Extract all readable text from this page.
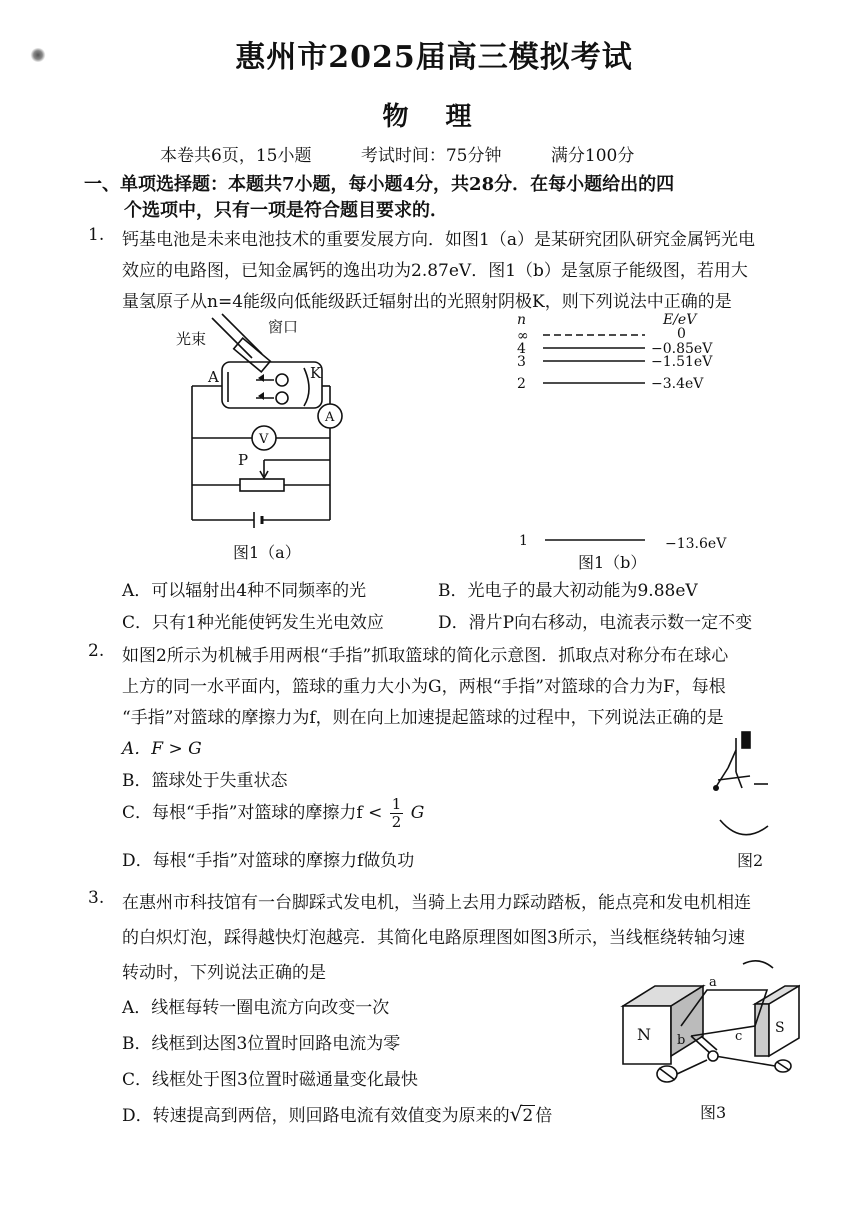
惠州市2025届高三模拟考试
物 理
本卷共6页，15小题	考试时间：75分钟	满分100分
一、单项选择题：本题共7小题，每小题4分，共28分．在每小题给出的四
个选项中，只有一项是符合题目要求的．
1. 钙基电池是未来电池技术的重要发展方向．如图1（a）是某研究团队研究金属钙光电
效应的电路图，已知金属钙的逸出功为2.87eV．图1（b）是氢原子能级图，若用大
量氢原子从n=4能级向低能级跃迁辐射出的光照射阴极K，则下列说法中正确的是
光束
窗口
A	K
A
V
P
图1（a）
n	E/eV
∞	0
4	−0.85eV
3	−1.51eV
2	−3.4eV
1	−13.6eV
图1（b）
A．可以辐射出4种不同频率的光	B．光电子的最大初动能为9.88eV
C．只有1种光能使钙发生光电效应	D．滑片P向右移动，电流表示数一定不变
2. 如图2所示为机械手用两根“手指”抓取篮球的简化示意图．抓取点对称分布在球心
上方的同一水平面内，篮球的重力大小为G，两根“手指”对篮球的合力为F，每根
“手指”对篮球的摩擦力为f，则在向上加速提起篮球的过程中，下列说法正确的是
A．F > G
B．篮球处于失重状态
C．每根“手指”对篮球的摩擦力$f < \frac{1}{2}$ G
D．每根“手指”对篮球的摩擦力f做负功	图2
3. 在惠州市科技馆有一台脚踩式发电机，当骑上去用力踩动踏板，能点亮和发电机相连
的白炽灯泡，踩得越快灯泡越亮．其简化电路原理图如图3所示，当线框绕转轴匀速
转动时，下列说法正确的是
A．线框每转一圈电流方向改变一次
B．线框到达图3位置时回路电流为零
C．线框处于图3位置时磁通量变化最快
D．转速提高到两倍，则回路电流有效值变为原来的√2 倍
N	S
a
b	c
图3
